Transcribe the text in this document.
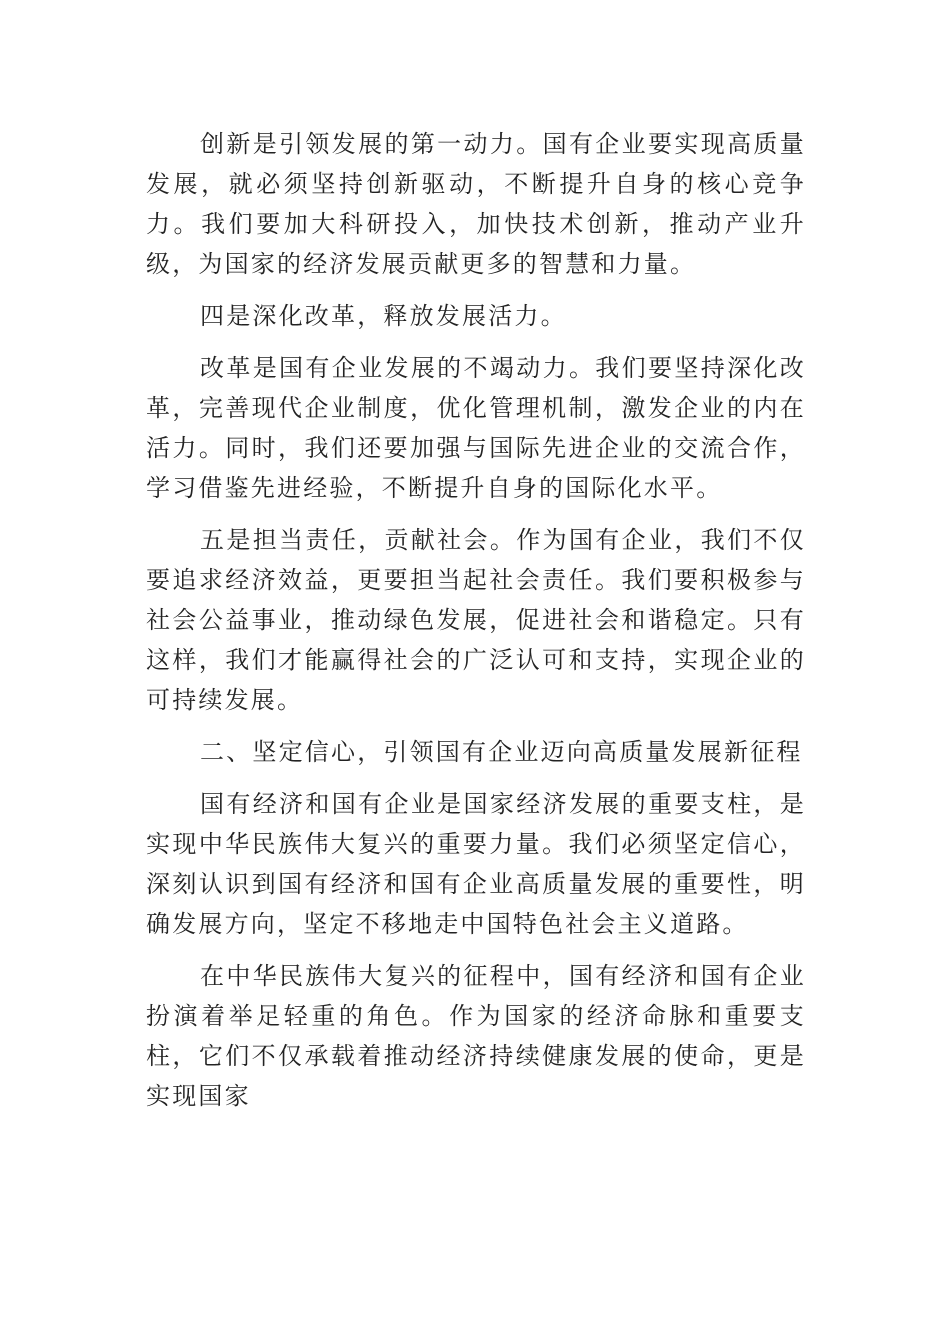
创新是引领发展的第一动力。国有企业要实现高质量发展，就必须坚持创新驱动，不断提升自身的核心竞争力。我们要加大科研投入，加快技术创新，推动产业升级，为国家的经济发展贡献更多的智慧和力量。

四是深化改革，释放发展活力。

改革是国有企业发展的不竭动力。我们要坚持深化改革，完善现代企业制度，优化管理机制，激发企业的内在活力。同时，我们还要加强与国际先进企业的交流合作，学习借鉴先进经验，不断提升自身的国际化水平。

五是担当责任，贡献社会。作为国有企业，我们不仅要追求经济效益，更要担当起社会责任。我们要积极参与社会公益事业，推动绿色发展，促进社会和谐稳定。只有这样，我们才能赢得社会的广泛认可和支持，实现企业的可持续发展。

二、坚定信心，引领国有企业迈向高质量发展新征程

国有经济和国有企业是国家经济发展的重要支柱，是实现中华民族伟大复兴的重要力量。我们必须坚定信心，深刻认识到国有经济和国有企业高质量发展的重要性，明确发展方向，坚定不移地走中国特色社会主义道路。

在中华民族伟大复兴的征程中，国有经济和国有企业扮演着举足轻重的角色。作为国家的经济命脉和重要支柱，它们不仅承载着推动经济持续健康发展的使命，更是实现国家
